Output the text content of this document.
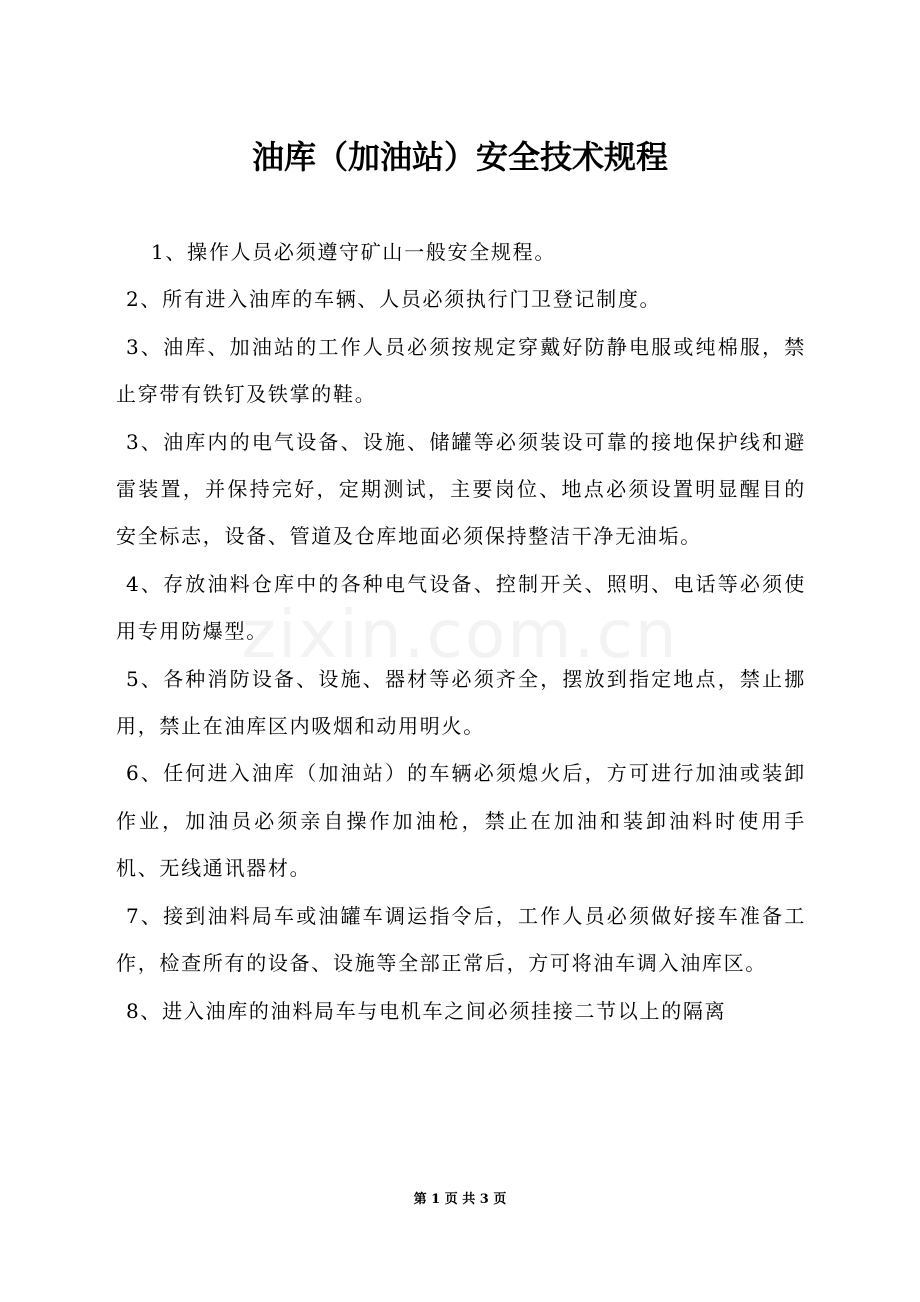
油库（加油站）安全技术规程

1、操作人员必须遵守矿山一般安全规程。

2、所有进入油库的车辆、人员必须执行门卫登记制度。

3、油库、加油站的工作人员必须按规定穿戴好防静电服或纯棉服，禁止穿带有铁钉及铁掌的鞋。

3、油库内的电气设备、设施、储罐等必须装设可靠的接地保护线和避雷装置，并保持完好，定期测试，主要岗位、地点必须设置明显醒目的安全标志，设备、管道及仓库地面必须保持整洁干净无油垢。

4、存放油料仓库中的各种电气设备、控制开关、照明、电话等必须使用专用防爆型。

5、各种消防设备、设施、器材等必须齐全，摆放到指定地点，禁止挪用，禁止在油库区内吸烟和动用明火。

6、任何进入油库（加油站）的车辆必须熄火后，方可进行加油或装卸作业，加油员必须亲自操作加油枪，禁止在加油和装卸油料时使用手机、无线通讯器材。

7、接到油料局车或油罐车调运指令后，工作人员必须做好接车准备工作，检查所有的设备、设施等全部正常后，方可将油车调入油库区。

8、进入油库的油料局车与电机车之间必须挂接二节以上的隔离

zixin.com.cn
第 1 页 共 3 页
